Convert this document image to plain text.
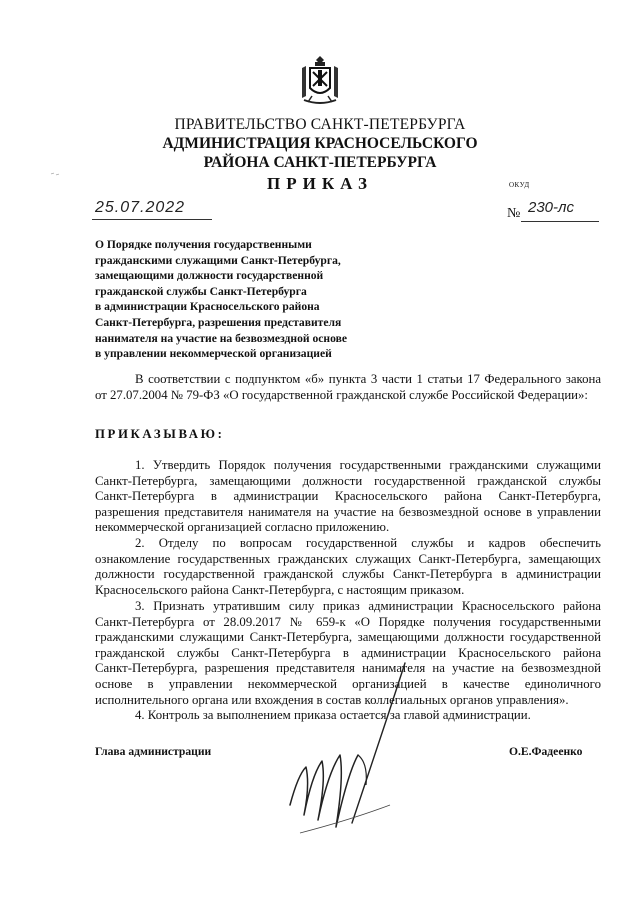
ПРАВИТЕЛЬСТВО САНКТ-ПЕТЕРБУРГА
АДМИНИСТРАЦИЯ КРАСНОСЕЛЬСКОГО
РАЙОНА САНКТ-ПЕТЕРБУРГА
ПРИКАЗ	ОКУД
25.07.2022	№ 230-лс
О Порядке получения государственными
гражданскими служащими Санкт-Петербурга,
замещающими должности государственной
гражданской службы Санкт-Петербурга
в администрации Красносельского района
Санкт-Петербурга, разрешения представителя
нанимателя на участие на безвозмездной основе
в управлении некоммерческой организацией
В соответствии с подпунктом «б» пункта 3 части 1 статьи 17 Федерального закона
от 27.07.2004 № 79-ФЗ «О государственной гражданской службе Российской Федерации»:
ПРИКАЗЫВАЮ:
1. Утвердить Порядок получения государственными гражданскими служащими
Санкт-Петербурга, замещающими должности государственной гражданской службы
Санкт-Петербурга в администрации Красносельского района Санкт-Петербурга,
разрешения представителя нанимателя на участие на безвозмездной основе в управлении
некоммерческой организацией согласно приложению.
2. Отделу по вопросам государственной службы и кадров обеспечить
ознакомление государственных гражданских служащих Санкт-Петербурга, замещающих
должности государственной гражданской службы Санкт-Петербурга в администрации
Красносельского района Санкт-Петербурга, с настоящим приказом.
3. Признать утратившим силу приказ администрации Красносельского района
Санкт-Петербурга от 28.09.2017 № 659-к «О Порядке получения государственными
гражданскими служащими Санкт-Петербурга, замещающими должности государственной
гражданской службы Санкт-Петербурга в администрации Красносельского района
Санкт-Петербурга, разрешения представителя нанимателя на участие на безвозмездной
основе в управлении некоммерческой организацией в качестве единоличного
исполнительного органа или вхождения в состав коллегиальных органов управления».
4. Контроль за выполнением приказа остается за главой администрации.
Глава администрации	О.Е.Фадеенко
